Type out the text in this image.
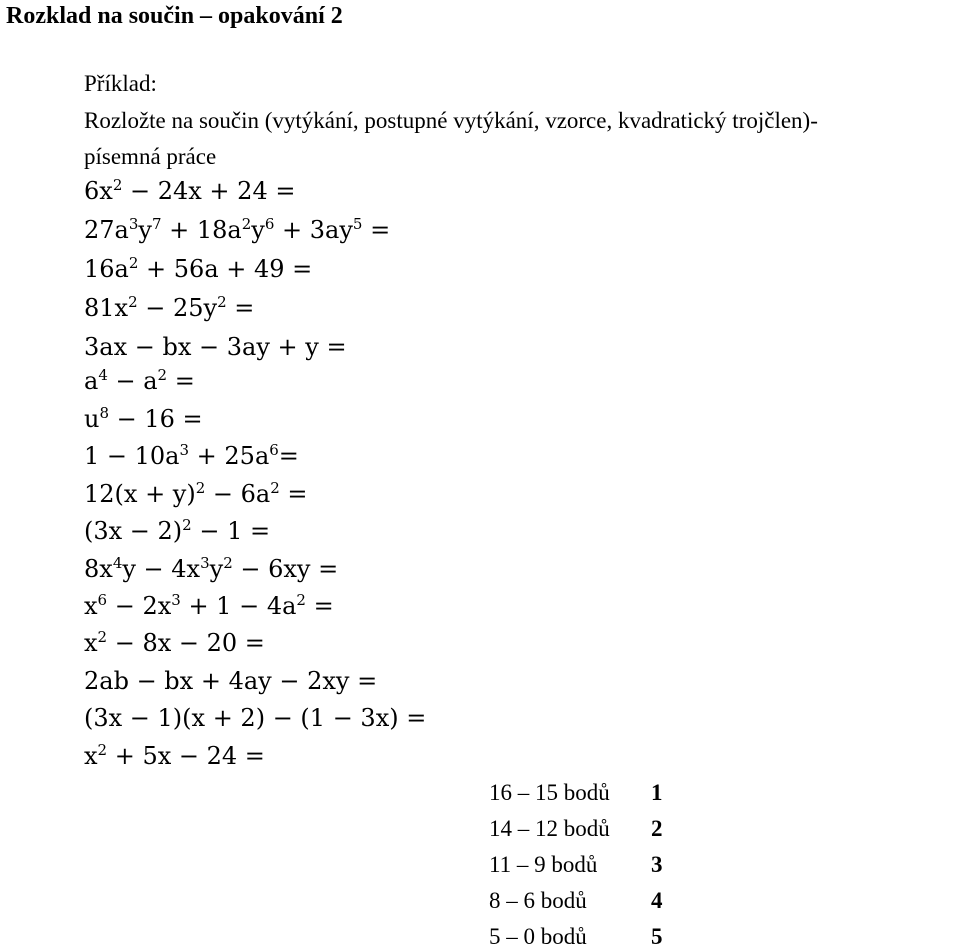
Rozklad na součin – opakování 2
Příklad:
Rozložte na součin (vytýkání, postupné vytýkání, vzorce, kvadratický trojčlen)-
písemná práce
$6x^2 - 24x + 24$ =
$27a^3y^7 + 18a^2y^6 + 3ay^5$ =
$16a^2 + 56a + 49$ =
$81x^2 - 25y^2$ =
3ax − bx − 3ay + y =
$a^4 - a^2$ =
$u^8 - 16$ =
$1 - 10a^3 + 25a^6=$
$12(x + y)^2 - 6a^2$ =
$(3x - 2)^2 - 1$ =
$8x^4y - 4x^3y^2 - 6xy$ =
$x^6 - 2x^3 + 1 - 4a^2$ =
$x^2 - 8x - 20$ =
2ab − bx + 4ay − 2xy =
(3x − 1)(x + 2) − (1 − 3x) =
$x^2 + 5x - 24$ =
16 – 15 bodů 1
14 – 12 bodů 2
11 – 9 bodů 3
8 – 6 bodů	4
5 – 0 bodů	5
